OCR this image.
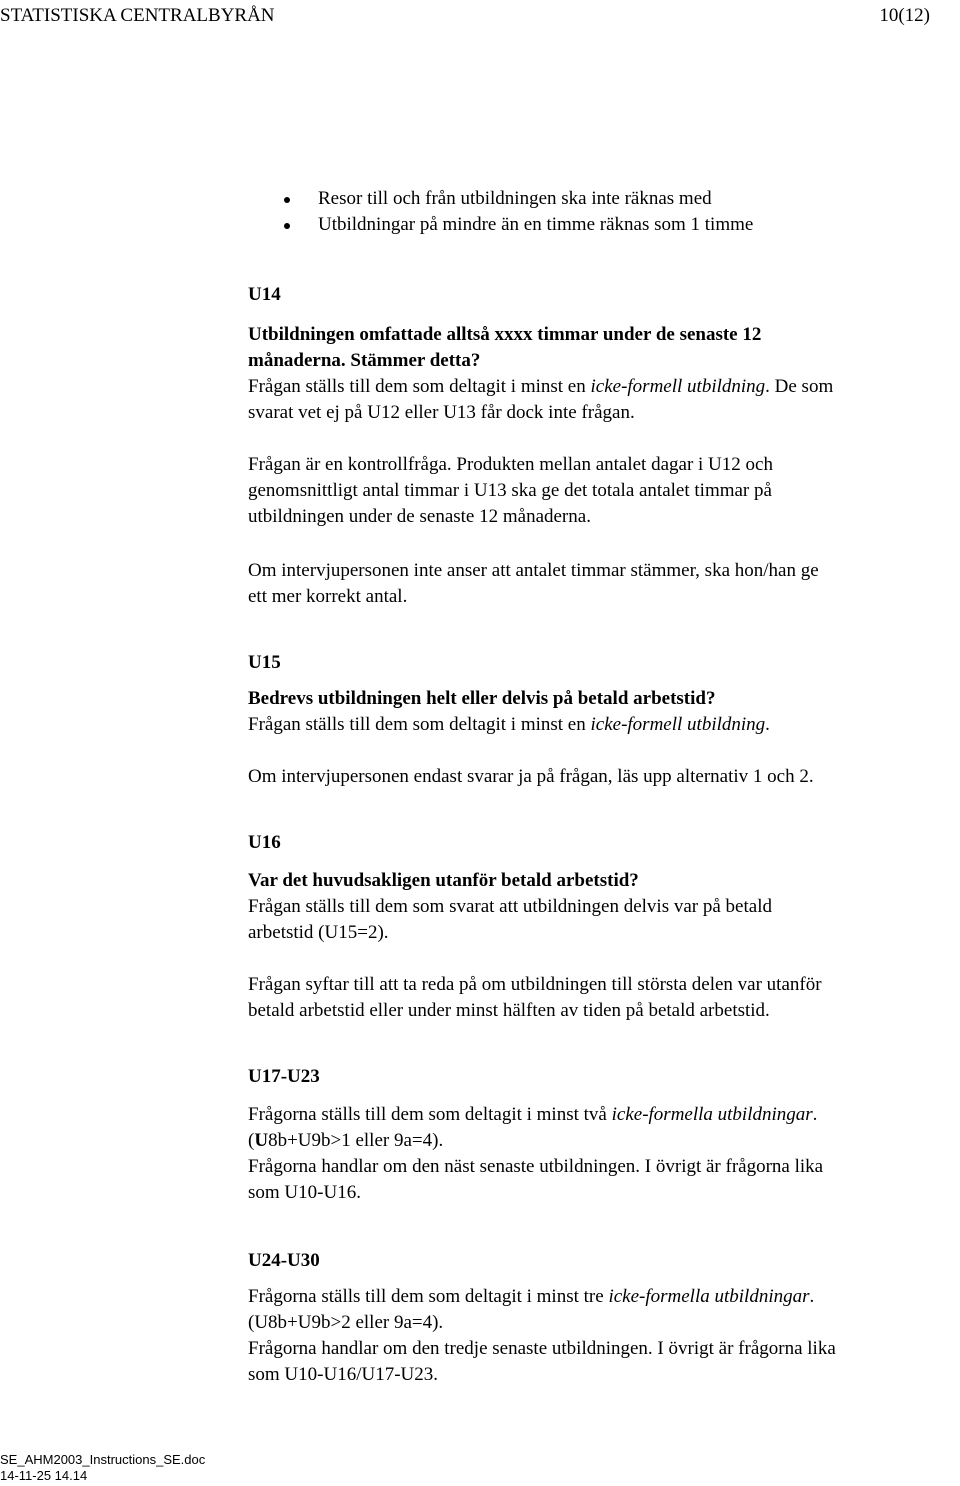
STATISTISKA CENTRALBYRÅN	10(12)
Resor till och från utbildningen ska inte räknas med
Utbildningar på mindre än en timme räknas som 1 timme

U14

Utbildningen omfattade alltså xxxx timmar under de senaste 12

månaderna. Stämmer detta?

Frågan ställs till dem som deltagit i minst en icke-formell utbildning. De som

svarat vet ej på U12 eller U13 får dock inte frågan.

Frågan är en kontrollfråga. Produkten mellan antalet dagar i U12 och

genomsnittligt antal timmar i U13 ska ge det totala antalet timmar på

utbildningen under de senaste 12 månaderna.

Om intervjupersonen inte anser att antalet timmar stämmer, ska hon/han ge

ett mer korrekt antal.

U15

Bedrevs utbildningen helt eller delvis på betald arbetstid?

Frågan ställs till dem som deltagit i minst en icke-formell utbildning.

Om intervjupersonen endast svarar ja på frågan, läs upp alternativ 1 och 2.

U16

Var det huvudsakligen utanför betald arbetstid?

Frågan ställs till dem som svarat att utbildningen delvis var på betald

arbetstid (U15=2).

Frågan syftar till att ta reda på om utbildningen till största delen var utanför

betald arbetstid eller under minst hälften av tiden på betald arbetstid.

U17-U23

Frågorna ställs till dem som deltagit i minst två icke-formella utbildningar.

(U8b+U9b>1 eller 9a=4).

Frågorna handlar om den näst senaste utbildningen. I övrigt är frågorna lika

som U10-U16.

U24-U30

Frågorna ställs till dem som deltagit i minst tre icke-formella utbildningar.

(U8b+U9b>2 eller 9a=4).

Frågorna handlar om den tredje senaste utbildningen. I övrigt är frågorna lika

som U10-U16/U17-U23.

SE_AHM2003_Instructions_SE.doc
14-11-25 14.14
